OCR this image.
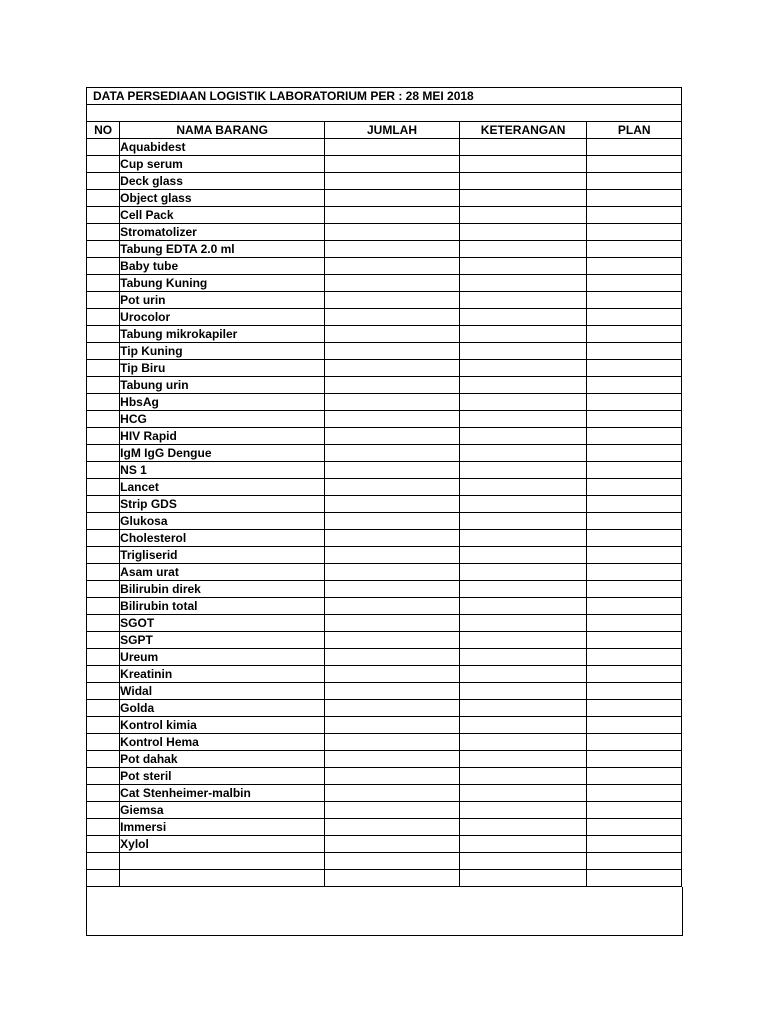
DATA PERSEDIAAN LOGISTIK LABORATORIUM PER : 28 MEI 2018				

NO	NAMA BARANG	JUMLAH	KETERANGAN	PLAN
	Aquabidest			
	Cup serum			
	Deck glass			
	Object glass			
	Cell Pack			
	Stromatolizer			
	Tabung EDTA 2.0 ml			
	Baby tube			
	Tabung Kuning			
	Pot urin			
	Urocolor			
	Tabung mikrokapiler			
	Tip Kuning			
	Tip Biru			
	Tabung urin			
	HbsAg			
	HCG			
	HIV Rapid			
	IgM IgG Dengue			
	NS 1			
	Lancet			
	Strip GDS			
	Glukosa			
	Cholesterol			
	Trigliserid			
	Asam urat			
	Bilirubin direk			
	Bilirubin total			
	SGOT			
	SGPT			
	Ureum			
	Kreatinin			
	Widal			
	Golda			
	Kontrol kimia			
	Kontrol Hema			
	Pot dahak			
	Pot steril			
	Cat Stenheimer-malbin			
	Giemsa			
	Immersi			
	Xylol			
